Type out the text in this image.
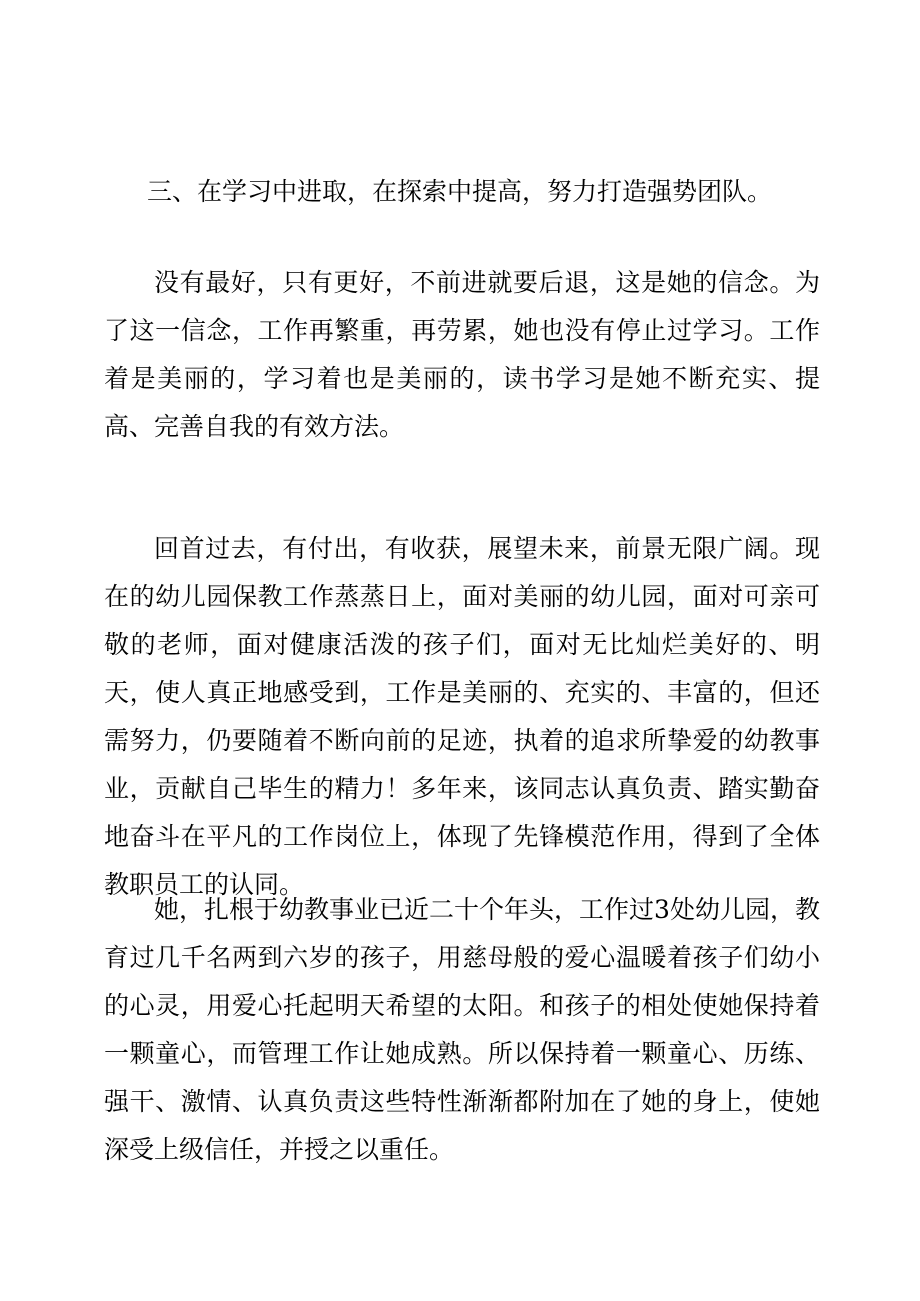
三、在学习中进取，在探索中提高，努力打造强势团队。

没有最好，只有更好，不前进就要后退，这是她的信念。为了这一信念，工作再繁重，再劳累，她也没有停止过学习。工作着是美丽的，学习着也是美丽的，读书学习是她不断充实、提高、完善自我的有效方法。

回首过去，有付出，有收获，展望未来，前景无限广阔。现在的幼儿园保教工作蒸蒸日上，面对美丽的幼儿园，面对可亲可敬的老师，面对健康活泼的孩子们，面对无比灿烂美好的、明天，使人真正地感受到，工作是美丽的、充实的、丰富的，但还需努力，仍要随着不断向前的足迹，执着的追求所挚爱的幼教事业，贡献自己毕生的精力！多年来，该同志认真负责、踏实勤奋地奋斗在平凡的工作岗位上，体现了先锋模范作用，得到了全体教职员工的认同。

她，扎根于幼教事业已近二十个年头，工作过3处幼儿园，教育过几千名两到六岁的孩子，用慈母般的爱心温暖着孩子们幼小的心灵，用爱心托起明天希望的太阳。和孩子的相处使她保持着一颗童心，而管理工作让她成熟。所以保持着一颗童心、历练、强干、激情、认真负责这些特性渐渐都附加在了她的身上，使她深受上级信任，并授之以重任。
